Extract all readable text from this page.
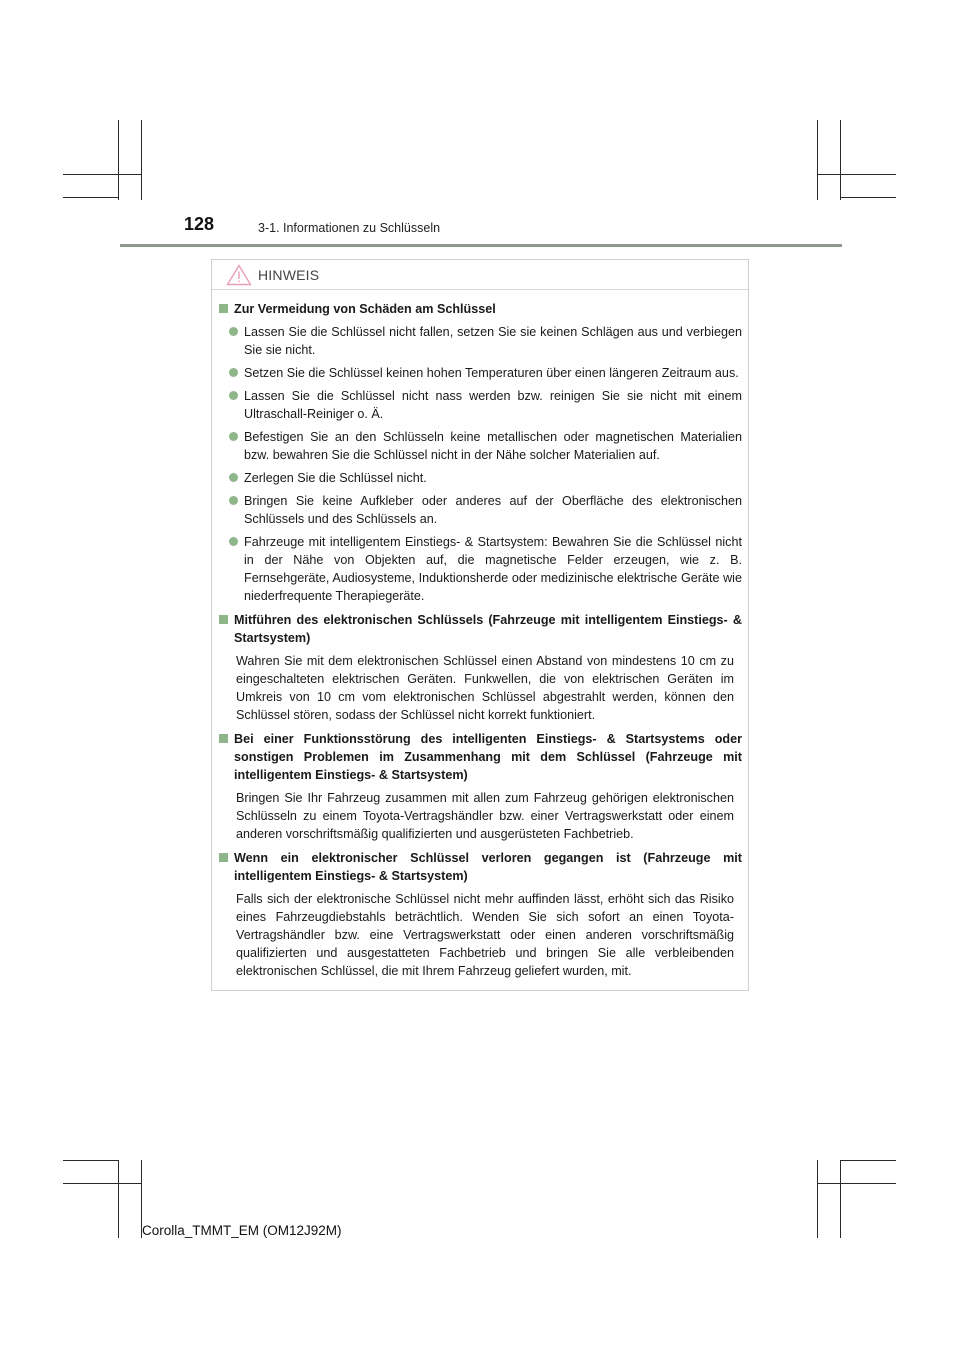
128	3-1. Informationen zu Schlüsseln
HINWEIS
Zur Vermeidung von Schäden am Schlüssel
Lassen Sie die Schlüssel nicht fallen, setzen Sie sie keinen Schlägen aus und verbiegen Sie sie nicht.
Setzen Sie die Schlüssel keinen hohen Temperaturen über einen längeren Zeitraum aus.
Lassen Sie die Schlüssel nicht nass werden bzw. reinigen Sie sie nicht mit einem Ultraschall-Reiniger o. Ä.
Befestigen Sie an den Schlüsseln keine metallischen oder magnetischen Materialien bzw. bewahren Sie die Schlüssel nicht in der Nähe solcher Materialien auf.
Zerlegen Sie die Schlüssel nicht.
Bringen Sie keine Aufkleber oder anderes auf der Oberfläche des elektronischen Schlüssels und des Schlüssels an.
Fahrzeuge mit intelligentem Einstiegs- & Startsystem: Bewahren Sie die Schlüssel nicht in der Nähe von Objekten auf, die magnetische Felder erzeugen, wie z. B. Fernsehgeräte, Audiosysteme, Induktionsherde oder medizinische elektrische Geräte wie niederfrequente Therapiegeräte.
Mitführen des elektronischen Schlüssels (Fahrzeuge mit intelligentem Einstiegs- & Startsystem)
Wahren Sie mit dem elektronischen Schlüssel einen Abstand von mindestens 10 cm zu eingeschalteten elektrischen Geräten. Funkwellen, die von elektrischen Geräten im Umkreis von 10 cm vom elektronischen Schlüssel abgestrahlt werden, können den Schlüssel stören, sodass der Schlüssel nicht korrekt funktioniert.
Bei einer Funktionsstörung des intelligenten Einstiegs- & Startsystems oder sonstigen Problemen im Zusammenhang mit dem Schlüssel (Fahrzeuge mit intelligentem Einstiegs- & Startsystem)
Bringen Sie Ihr Fahrzeug zusammen mit allen zum Fahrzeug gehörigen elektronischen Schlüsseln zu einem Toyota-Vertragshändler bzw. einer Vertragswerkstatt oder einem anderen vorschriftsmäßig qualifizierten und ausgerüsteten Fachbetrieb.
Wenn ein elektronischer Schlüssel verloren gegangen ist (Fahrzeuge mit intelligentem Einstiegs- & Startsystem)
Falls sich der elektronische Schlüssel nicht mehr auffinden lässt, erhöht sich das Risiko eines Fahrzeugdiebstahls beträchtlich. Wenden Sie sich sofort an einen Toyota-Vertragshändler bzw. eine Vertragswerkstatt oder einen anderen vorschriftsmäßig qualifizierten und ausgestatteten Fachbetrieb und bringen Sie alle verbleibenden elektronischen Schlüssel, die mit Ihrem Fahrzeug geliefert wurden, mit.
Corolla_TMMT_EM (OM12J92M)
